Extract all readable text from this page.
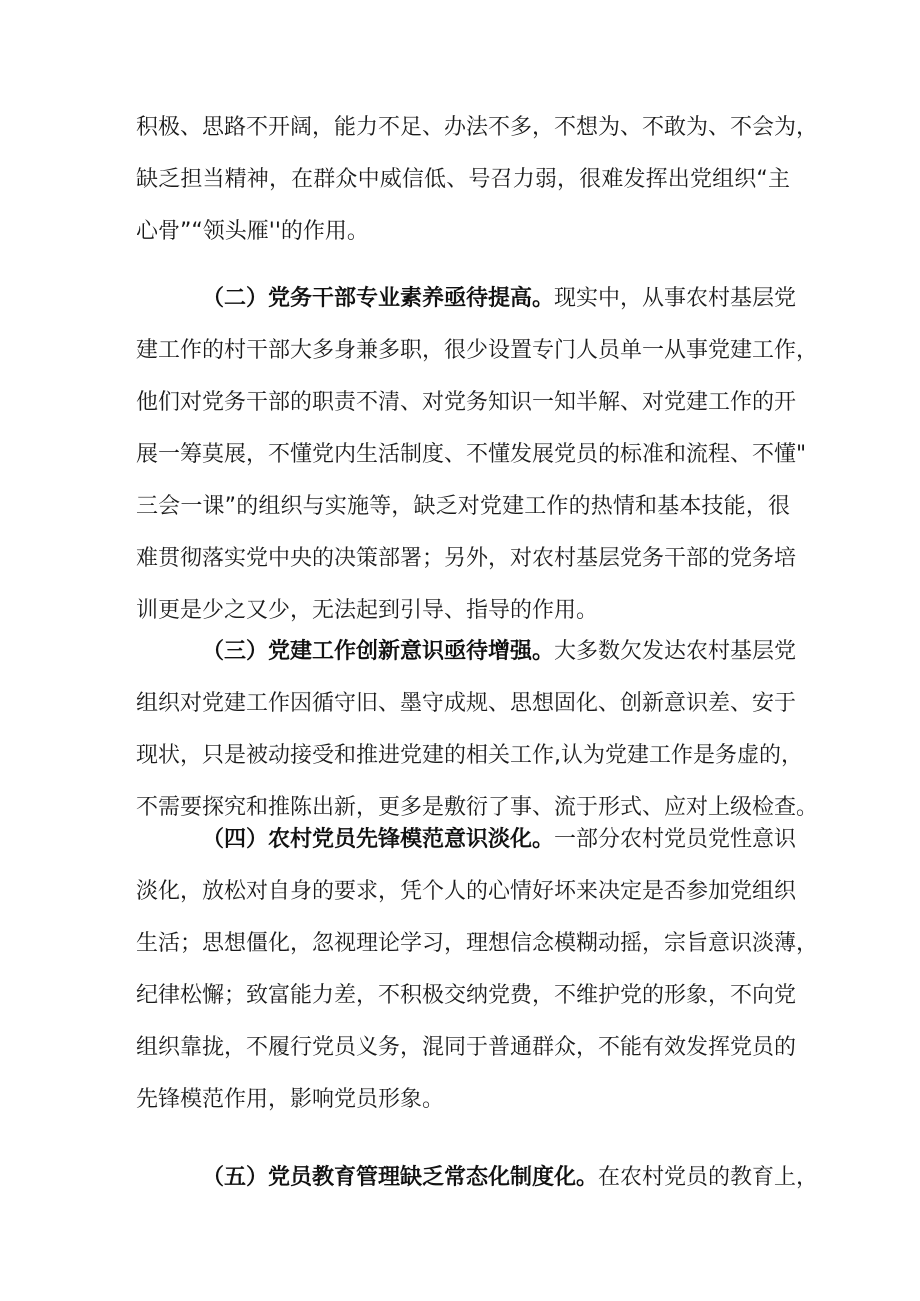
积极、思路不开阔，能力不足、办法不多，不想为、不敢为、不会为，
缺乏担当精神，在群众中威信低、号召力弱，很难发挥出党组织“主
心骨”“领头雁''的作用。
（二）党务干部专业素养亟待提高。现实中，从事农村基层党
建工作的村干部大多身兼多职，很少设置专门人员单一从事党建工作，
他们对党务干部的职责不清、对党务知识一知半解、对党建工作的开
展一筹莫展，不懂党内生活制度、不懂发展党员的标准和流程、不懂"
三会一课”的组织与实施等，缺乏对党建工作的热情和基本技能，很
难贯彻落实党中央的决策部署；另外，对农村基层党务干部的党务培
训更是少之又少，无法起到引导、指导的作用。
（三）党建工作创新意识亟待增强。大多数欠发达农村基层党
组织对党建工作因循守旧、墨守成规、思想固化、创新意识差、安于
现状，只是被动接受和推进党建的相关工作,认为党建工作是务虚的，
不需要探究和推陈出新，更多是敷衍了事、流于形式、应对上级检查。
（四）农村党员先锋模范意识淡化。一部分农村党员党性意识
淡化，放松对自身的要求，凭个人的心情好坏来决定是否参加党组织
生活；思想僵化，忽视理论学习，理想信念模糊动摇，宗旨意识淡薄，
纪律松懈；致富能力差，不积极交纳党费，不维护党的形象，不向党
组织靠拢，不履行党员义务，混同于普通群众，不能有效发挥党员的
先锋模范作用，影响党员形象。
（五）党员教育管理缺乏常态化制度化。在农村党员的教育上，
